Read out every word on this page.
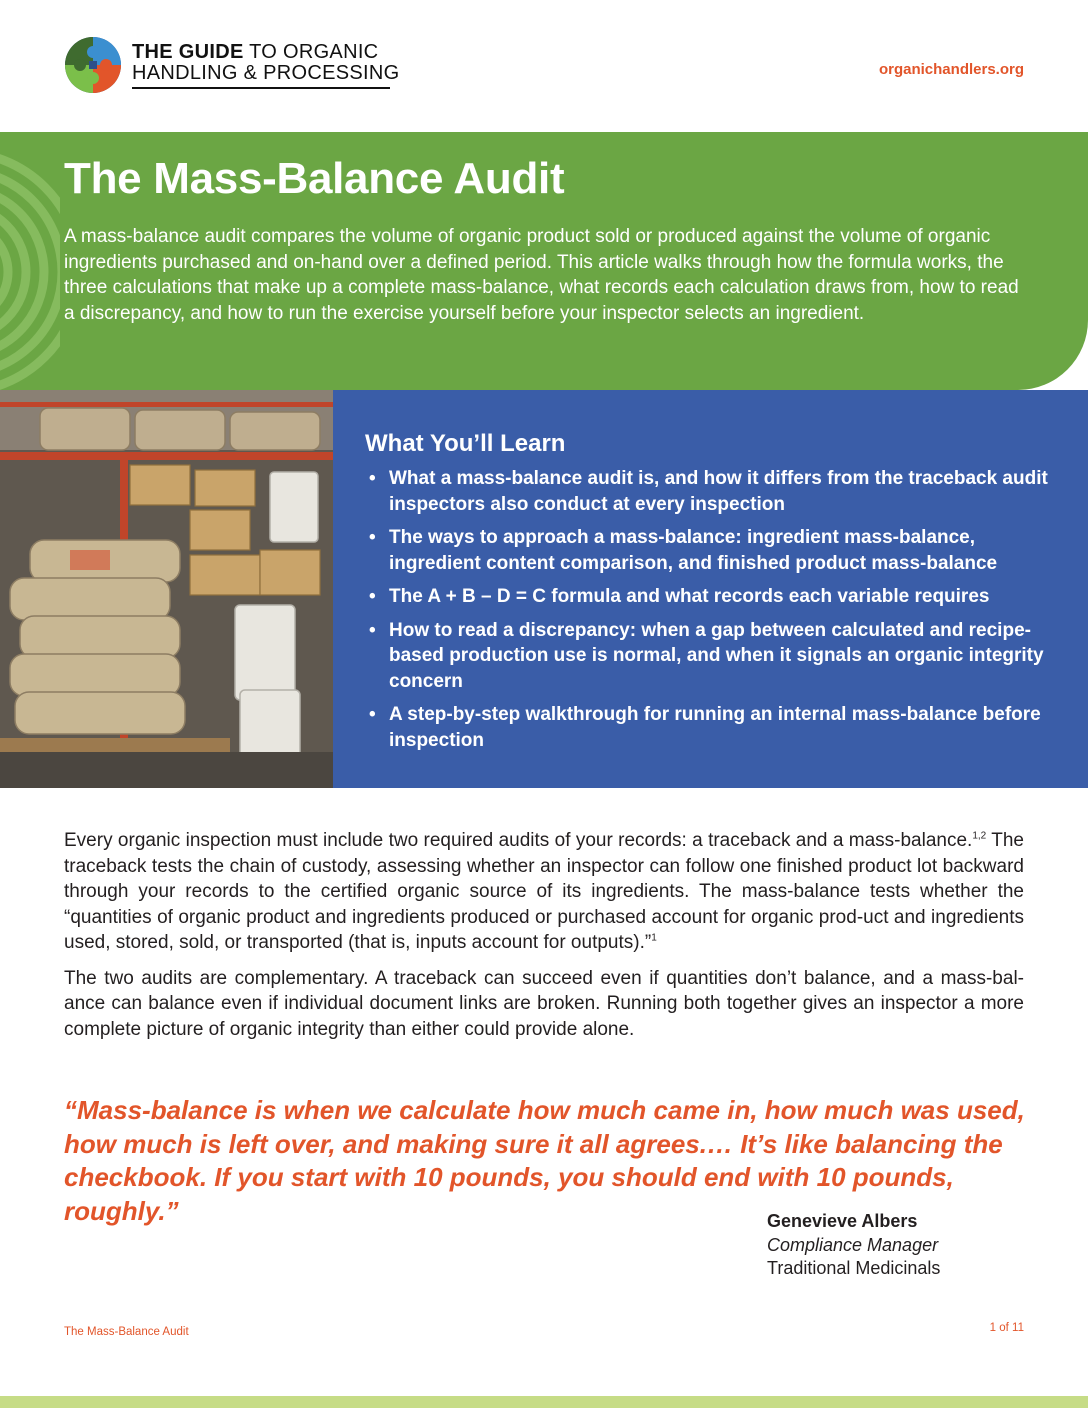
THE GUIDE TO ORGANIC
HANDLING & PROCESSING	organichandlers.org
The Mass-Balance Audit

A mass-balance audit compares the volume of organic product sold or produced against the volume of organic ingredients purchased and on-hand over a defined period. This article walks through how the formula works, the three calculations that make up a complete mass-balance, what records each calculation draws from, how to read a discrepancy, and how to run the exercise yourself before your inspector selects an ingredient.

What You’ll Learn
• What a mass-balance audit is, and how it differs from the traceback audit inspectors also conduct at every inspection
• The ways to approach a mass-balance: ingredient mass-balance, ingredient content comparison, and finished product mass-balance
• The A + B – D = C formula and what records each variable requires
• How to read a discrepancy: when a gap between calculated and recipe-based production use is normal, and when it signals an organic integrity concern
• A step-by-step walkthrough for running an internal mass-balance before inspection

Every organic inspection must include two required audits of your records: a traceback and a mass-balance.$^{1,2}$ The traceback tests the chain of custody, assessing whether an inspector can follow one finished product lot backward through your records to the certified organic source of its ingredients. The mass-balance tests whether the “quantities of organic product and ingredients produced or purchased account for organic prod-uct and ingredients used, stored, sold, or transported (that is, inputs account for outputs).”$^1$

The two audits are complementary. A traceback can succeed even if quantities don’t balance, and a mass-bal-ance can balance even if individual document links are broken. Running both together gives an inspector a more complete picture of organic integrity than either could provide alone.

“Mass-balance is when we calculate how much came in, how much was used, how much is left over, and making sure it all agrees.… It’s like balancing the checkbook. If you start with 10 pounds, you should end with 10 pounds, roughly.”	Genevieve Albers
Compliance Manager
Traditional Medicinals
The Mass-Balance Audit	1 of 11
